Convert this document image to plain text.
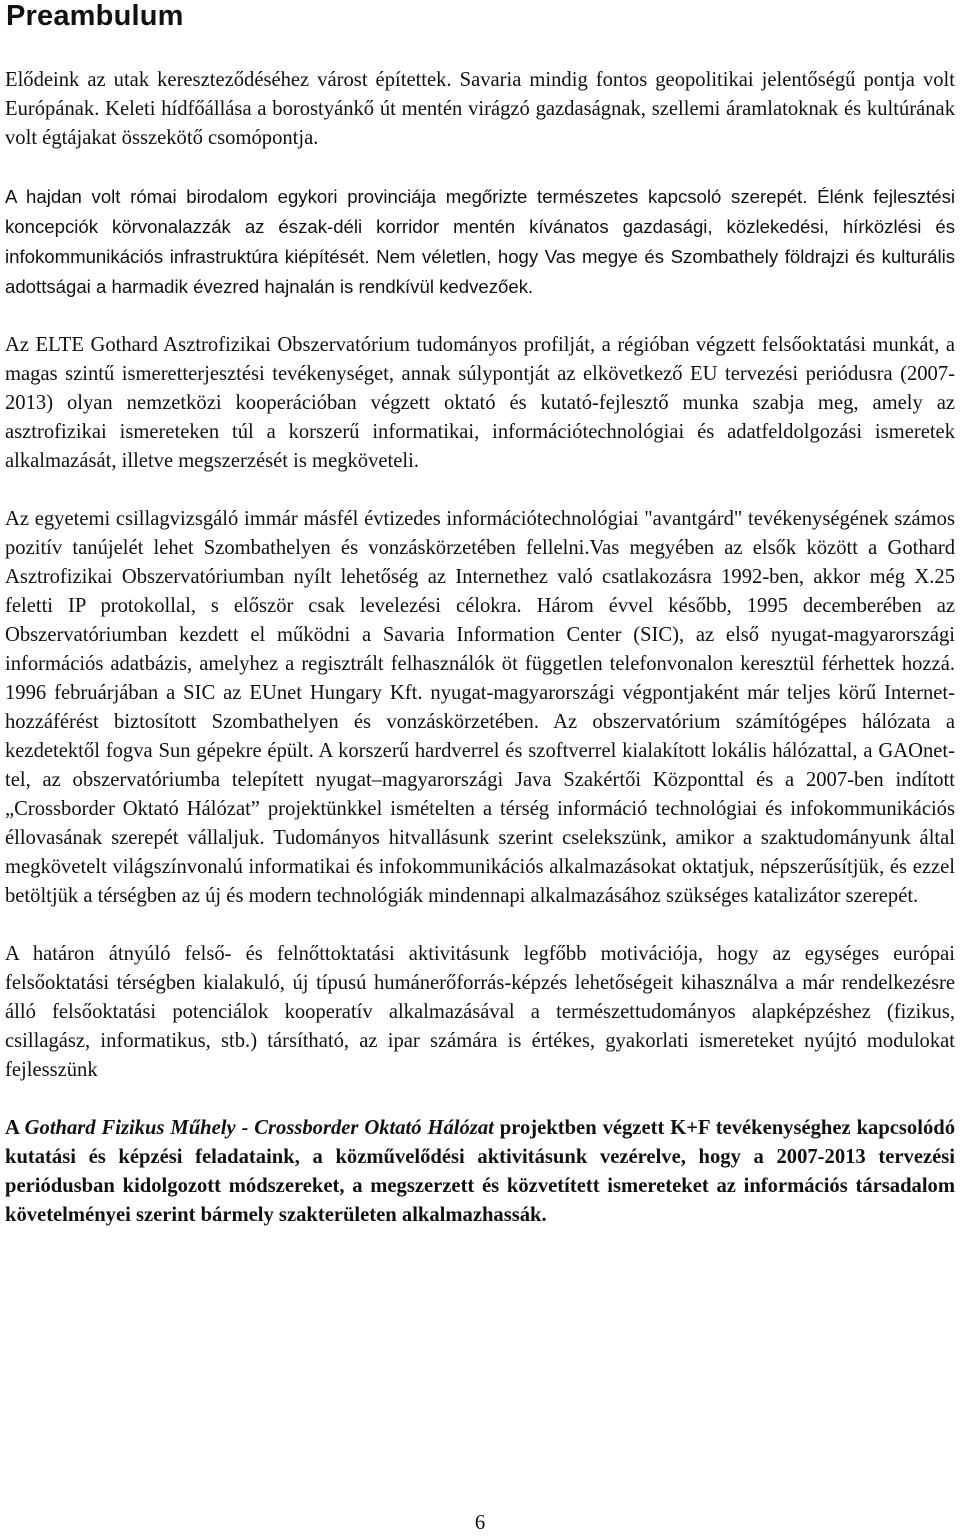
Preambulum

Elődeink az utak kereszteződéséhez várost építettek. Savaria mindig fontos geopolitikai jelentőségű pontja volt Európának. Keleti hídfőállása a borostyánkő út mentén virágzó gazdaságnak, szellemi áramlatoknak és kultúrának volt égtájakat összekötő csomópontja.

A hajdan volt római birodalom egykori provinciája megőrizte természetes kapcsoló szerepét. Élénk fejlesztési koncepciók körvonalazzák az észak-déli korridor mentén kívánatos gazdasági, közlekedési, hírközlési és infokommunikációs infrastruktúra kiépítését. Nem véletlen, hogy Vas megye és Szombathely földrajzi és kulturális adottságai a harmadik évezred hajnalán is rendkívül kedvezőek.

Az ELTE Gothard Asztrofizikai Obszervatórium tudományos profilját, a régióban végzett felsőoktatási munkát, a magas szintű ismeretterjesztési tevékenységet, annak súlypontját az elkövetkező EU tervezési periódusra (2007-2013) olyan nemzetközi kooperációban végzett oktató és kutató-fejlesztő munka szabja meg, amely az asztrofizikai ismereteken túl a korszerű informatikai, információtechnológiai és adatfeldolgozási ismeretek alkalmazását, illetve megszerzését is megköveteli.

Az egyetemi csillagvizsgáló immár másfél évtizedes információtechnológiai "avantgárd" tevékenységének számos pozitív tanújelét lehet Szombathelyen és vonzáskörzetében fellelni.Vas megyében az elsők között a Gothard Asztrofizikai Obszervatóriumban nyílt lehetőség az Internethez való csatlakozásra 1992-ben, akkor még X.25 feletti IP protokollal, s először csak levelezési célokra. Három évvel később, 1995 decemberében az Obszervatóriumban kezdett el működni a Savaria Information Center (SIC), az első nyugat-magyarországi információs adatbázis, amelyhez a regisztrált felhasználók öt független telefonvonalon keresztül férhettek hozzá. 1996 februárjában a SIC az EUnet Hungary Kft. nyugat-magyarországi végpontjaként már teljes körű Internet-hozzáférést biztosított Szombathelyen és vonzáskörzetében. Az obszervatórium számítógépes hálózata a kezdetektől fogva Sun gépekre épült. A korszerű hardverrel és szoftverrel kialakított lokális hálózattal, a GAOnet-tel, az obszervatóriumba telepített nyugat–magyarországi Java Szakértői Központtal és a 2007-ben indított „Crossborder Oktató Hálózat” projektünkkel ismételten a térség információ technológiai és infokommunikációs éllovasának szerepét vállaljuk. Tudományos hitvallásunk szerint cselekszünk, amikor a szaktudományunk által megkövetelt világszínvonalú informatikai és infokommunikációs alkalmazásokat oktatjuk, népszerűsítjük, és ezzel betöltjük a térségben az új és modern technológiák mindennapi alkalmazásához szükséges katalizátor szerepét.

A határon átnyúló felső- és felnőttoktatási aktivitásunk legfőbb motivációja, hogy az egységes európai felsőoktatási térségben kialakuló, új típusú humánerőforrás-képzés lehetőségeit kihasználva a már rendelkezésre álló felsőoktatási potenciálok kooperatív alkalmazásával a természettudományos alapképzéshez (fizikus, csillagász, informatikus, stb.) társítható, az ipar számára is értékes, gyakorlati ismereteket nyújtó modulokat fejlesszünk

A Gothard Fizikus Műhely - Crossborder Oktató Hálózat projektben végzett K+F tevékenységhez kapcsolódó kutatási és képzési feladataink, a közművelődési aktivitásunk vezérelve, hogy a 2007-2013 tervezési periódusban kidolgozott módszereket, a megszerzett és közvetített ismereteket az információs társadalom követelményei szerint bármely szakterületen alkalmazhassák.

6
